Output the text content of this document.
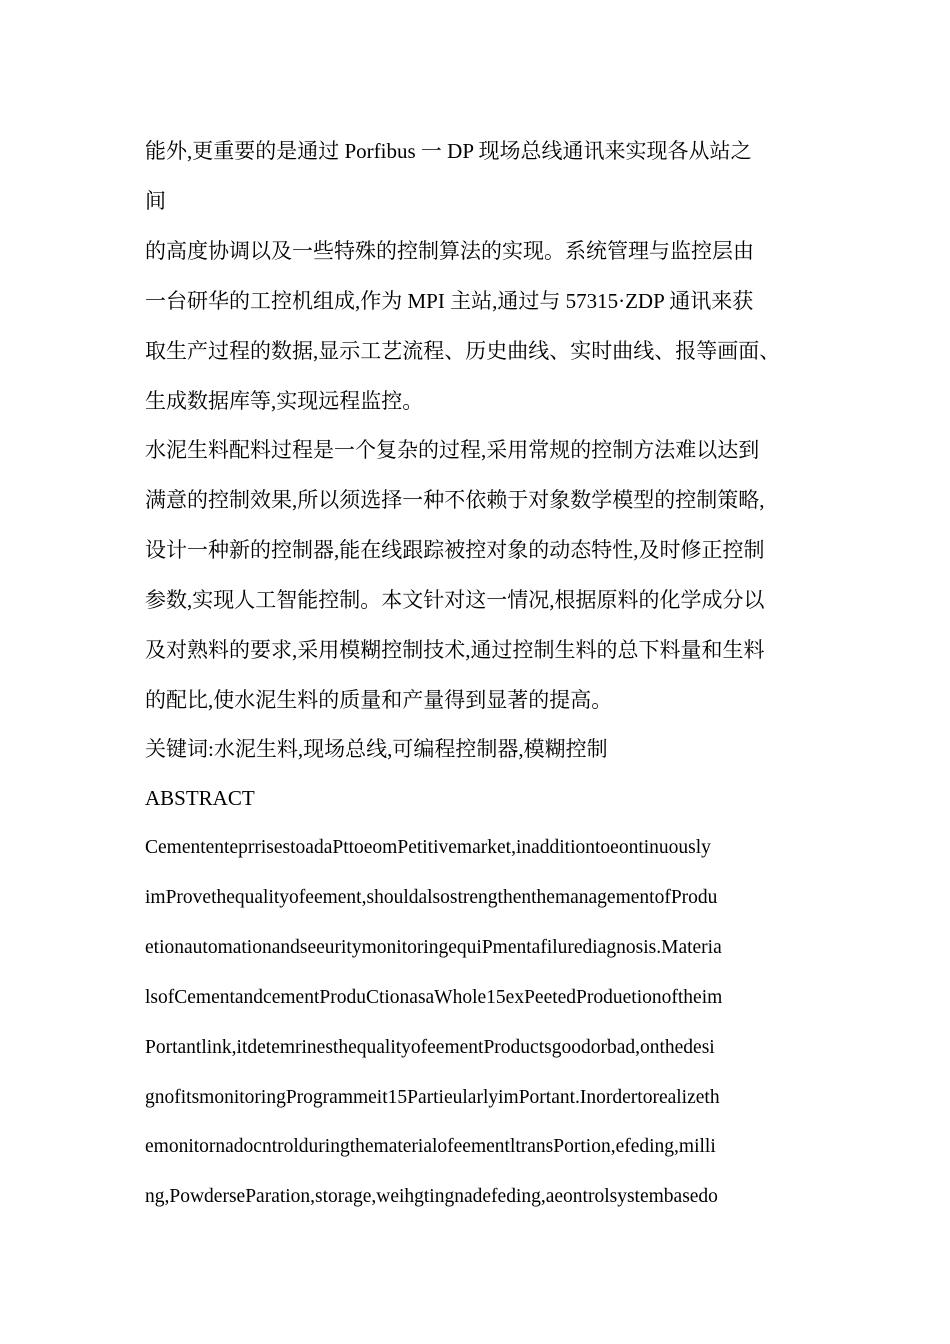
能外,更重要的是通过 Porfibus 一 DP 现场总线通讯来实现各从站之
间
的高度协调以及一些特殊的控制算法的实现。系统管理与监控层由
一台研华的工控机组成,作为 MPI 主站,通过与 57315·ZDP 通讯来获
取生产过程的数据,显示工艺流程、历史曲线、实时曲线、报等画面、
生成数据库等,实现远程监控。
水泥生料配料过程是一个复杂的过程,采用常规的控制方法难以达到
满意的控制效果,所以须选择一种不依赖于对象数学模型的控制策略,
设计一种新的控制器,能在线跟踪被控对象的动态特性,及时修正控制
参数,实现人工智能控制。本文针对这一情况,根据原料的化学成分以
及对熟料的要求,采用模糊控制技术,通过控制生料的总下料量和生料
的配比,使水泥生料的质量和产量得到显著的提高。
关键词:水泥生料,现场总线,可编程控制器,模糊控制
ABSTRACT
CemententeprrisestoadaPttoeomPetitivemarket,inadditiontoeontinuously
imProvethequalityofeement,shouldalsostrengthenthemanagementofProdu
etionautomationandseeuritymonitoringequiPmentafilurediagnosis.Materia
lsofCementandcementProduCtionasaWhole15exPeetedProduetionoftheim
Portantlink,itdetemrinesthequalityofeementProductsgoodorbad,onthedesi
gnofitsmonitoringProgrammeit15PartieularlyimPortant.Inordertorealizeth
emonitornadocntrolduringthematerialofeementltransPortion,efeding,milli
ng,PowderseParation,storage,weihgtingnadefeding,aeontrolsystembasedo
